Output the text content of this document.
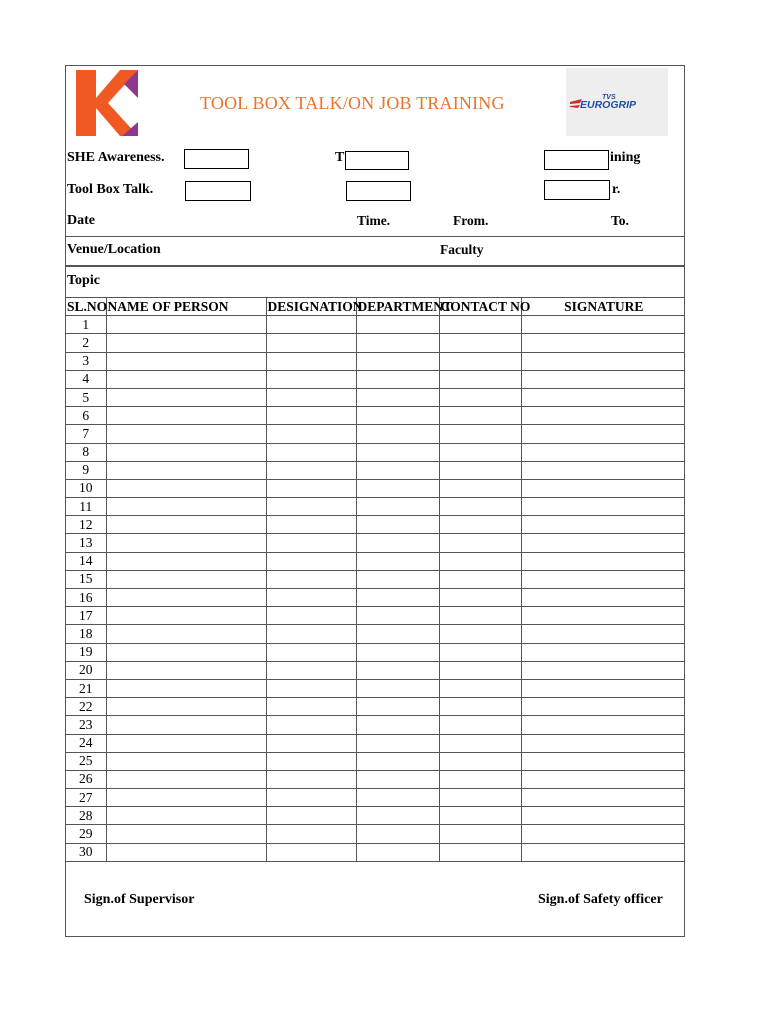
TOOL BOX TALK/ON JOB TRAINING	TVS
EUROGRIP
SHE Awareness.	T	ining
Tool Box Talk.	r.
Date	Time.	From.	To.
Venue/Location	Faculty
Topic
SL.NO	NAME OF PERSON	DESIGNATION	DEPARTMENT	CONTACT NO	SIGNATURE
1					
2					
3					
4					
5					
6					
7					
8					
9					
10					
11					
12					
13					
14					
15					
16					
17					
18					
19					
20					
21					
22					
23					
24					
25					
26					
27					
28					
29					
30					
Sign.of Supervisor	Sign.of Safety officer
